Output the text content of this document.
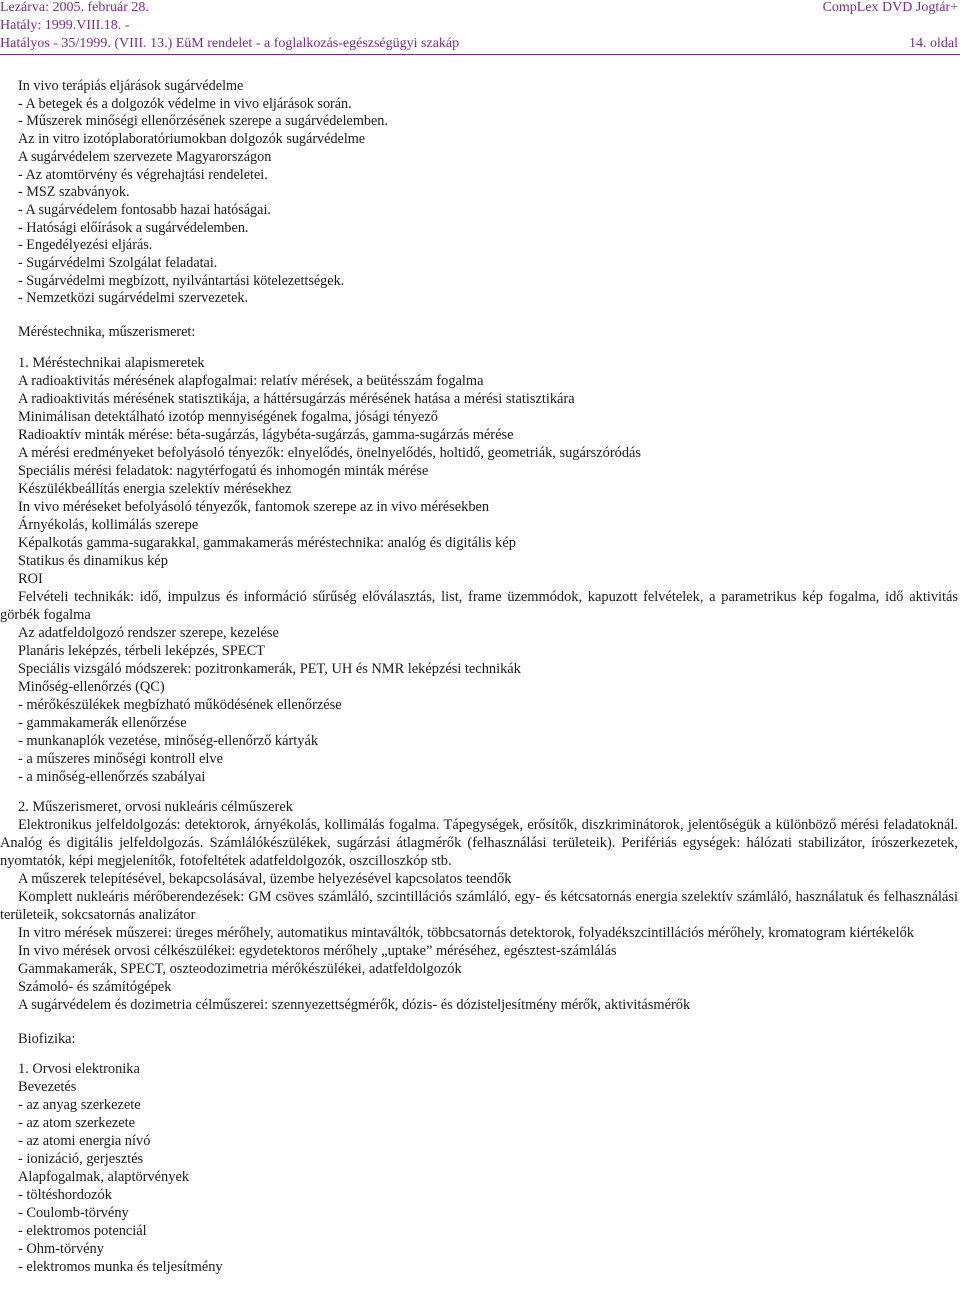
Lezárva: 2005. február 28.
Hatály: 1999.VIII.18. -
CompLex DVD Jogtár+
Hatályos - 35/1999. (VIII. 13.) EüM rendelet - a foglalkozás-egészségügyi szakáp	14. oldal

In vivo terápiás eljárások sugárvédelme

- A betegek és a dolgozók védelme in vivo eljárások során.

- Műszerek minőségi ellenőrzésének szerepe a sugárvédelemben.

Az in vitro izotóplaboratóriumokban dolgozók sugárvédelme

A sugárvédelem szervezete Magyarországon

- Az atomtörvény és végrehajtási rendeletei.

- MSZ szabványok.

- A sugárvédelem fontosabb hazai hatóságai.

- Hatósági előírások a sugárvédelemben.

- Engedélyezési eljárás.

- Sugárvédelmi Szolgálat feladatai.

- Sugárvédelmi megbízott, nyilvántartási kötelezettségek.

- Nemzetközi sugárvédelmi szervezetek.

Méréstechnika, műszerismeret:

1. Méréstechnikai alapismeretek

A radioaktivitás mérésének alapfogalmai: relatív mérések, a beütésszám fogalma

A radioaktivitás mérésének statisztikája, a háttérsugárzás mérésének hatása a mérési statisztikára

Minimálisan detektálható izotóp mennyiségének fogalma, jósági tényező

Radioaktív minták mérése: béta-sugárzás, lágybéta-sugárzás, gamma-sugárzás mérése

A mérési eredményeket befolyásoló tényezők: elnyelődés, önelnyelődés, holtidő, geometriák, sugárszóródás

Speciális mérési feladatok: nagytérfogatú és inhomogén minták mérése

Készülékbeállítás energia szelektív mérésekhez

In vivo méréseket befolyásoló tényezők, fantomok szerepe az in vivo mérésekben

Árnyékolás, kollimálás szerepe

Képalkotás gamma-sugarakkal, gammakamerás méréstechnika: analóg és digitális kép

Statikus és dinamikus kép

ROI

Felvételi technikák: idő, impulzus és információ sűrűség előválasztás, list, frame üzemmódok, kapuzott felvételek, a parametrikus kép fogalma, idő aktivitás görbék fogalma

Az adatfeldolgozó rendszer szerepe, kezelése

Planáris leképzés, térbeli leképzés, SPECT

Speciális vizsgáló módszerek: pozitronkamerák, PET, UH és NMR leképzési technikák

Minőség-ellenőrzés (QC)

- mérőkészülékek megbízható működésének ellenőrzése

- gammakamerák ellenőrzése

- munkanaplók vezetése, minőség-ellenőrző kártyák

- a műszeres minőségi kontroll elve

- a minőség-ellenőrzés szabályai

2. Műszerismeret, orvosi nukleáris célműszerek

Elektronikus jelfeldolgozás: detektorok, árnyékolás, kollimálás fogalma. Tápegységek, erősítők, diszkriminátorok, jelentőségük a különböző mérési feladatoknál. Analóg és digitális jelfeldolgozás. Számlálókészülékek, sugárzási átlagmérők (felhasználási területeik). Perifériás egységek: hálózati stabilizátor, írószerkezetek, nyomtatók, képi megjelenítők, fotofeltétek adatfeldolgozók, oszcilloszkóp stb.

A műszerek telepítésével, bekapcsolásával, üzembe helyezésével kapcsolatos teendők

Komplett nukleáris mérőberendezések: GM csöves számláló, szcintillációs számláló, egy- és kétcsatornás energia szelektív számláló, használatuk és felhasználási területeik, sokcsatornás analizátor

In vitro mérések műszerei: üreges mérőhely, automatikus mintaváltók, többcsatornás detektorok, folyadékszcintillációs mérőhely, kromatogram kiértékelők

In vivo mérések orvosi célkészülékei: egydetektoros mérőhely „uptake” méréséhez, egésztest-számlálás

Gammakamerák, SPECT, oszteodozimetria mérőkészülékei, adatfeldolgozók

Számoló- és számítógépek

A sugárvédelem és dozimetria célműszerei: szennyezettségmérők, dózis- és dózisteljesítmény mérők, aktivitásmérők

Biofizika:

1. Orvosi elektronika

Bevezetés

- az anyag szerkezete

- az atom szerkezete

- az atomi energia nívó

- ionizáció, gerjesztés

Alapfogalmak, alaptörvények

- töltéshordozók

- Coulomb-törvény

- elektromos potenciál

- Ohm-törvény

- elektromos munka és teljesítmény
